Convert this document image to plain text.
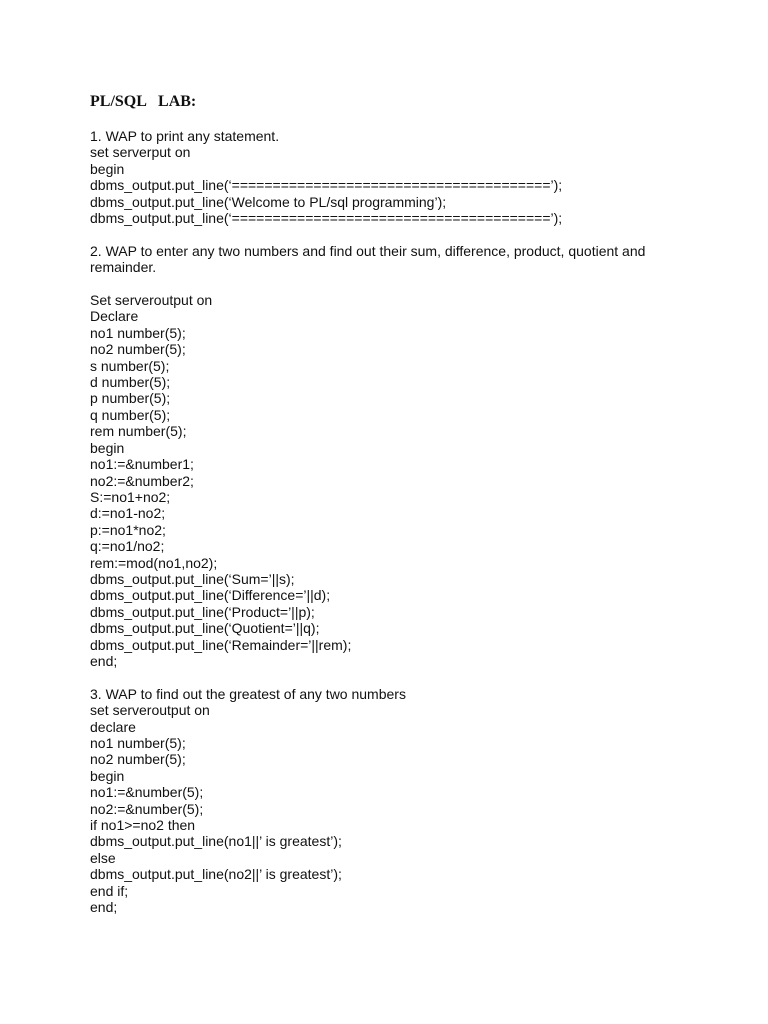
PL/SQL   LAB:

1. WAP to print any statement.

set serverput on

begin

dbms_output.put_line(‘=======================================’);

dbms_output.put_line(‘Welcome to PL/sql programming’);

dbms_output.put_line(‘=======================================’);

2. WAP to enter any two numbers and find out their sum, difference, product, quotient and

remainder.

Set serveroutput on

Declare

no1 number(5);

no2 number(5);

s number(5);

d number(5);

p number(5);

q number(5);

rem number(5);

begin

no1:=&number1;

no2:=&number2;

S:=no1+no2;

d:=no1-no2;

p:=no1*no2;

q:=no1/no2;

rem:=mod(no1,no2);

dbms_output.put_line(‘Sum=’||s);

dbms_output.put_line(‘Difference=’||d);

dbms_output.put_line(‘Product=’||p);

dbms_output.put_line(‘Quotient=’||q);

dbms_output.put_line(‘Remainder=’||rem);

end;

3. WAP to find out the greatest of any two numbers

set serveroutput on

declare

no1 number(5);

no2 number(5);

begin

no1:=&number(5);

no2:=&number(5);

if no1>=no2 then

dbms_output.put_line(no1||’ is greatest’);

else

dbms_output.put_line(no2||’ is greatest’);

end if;

end;
